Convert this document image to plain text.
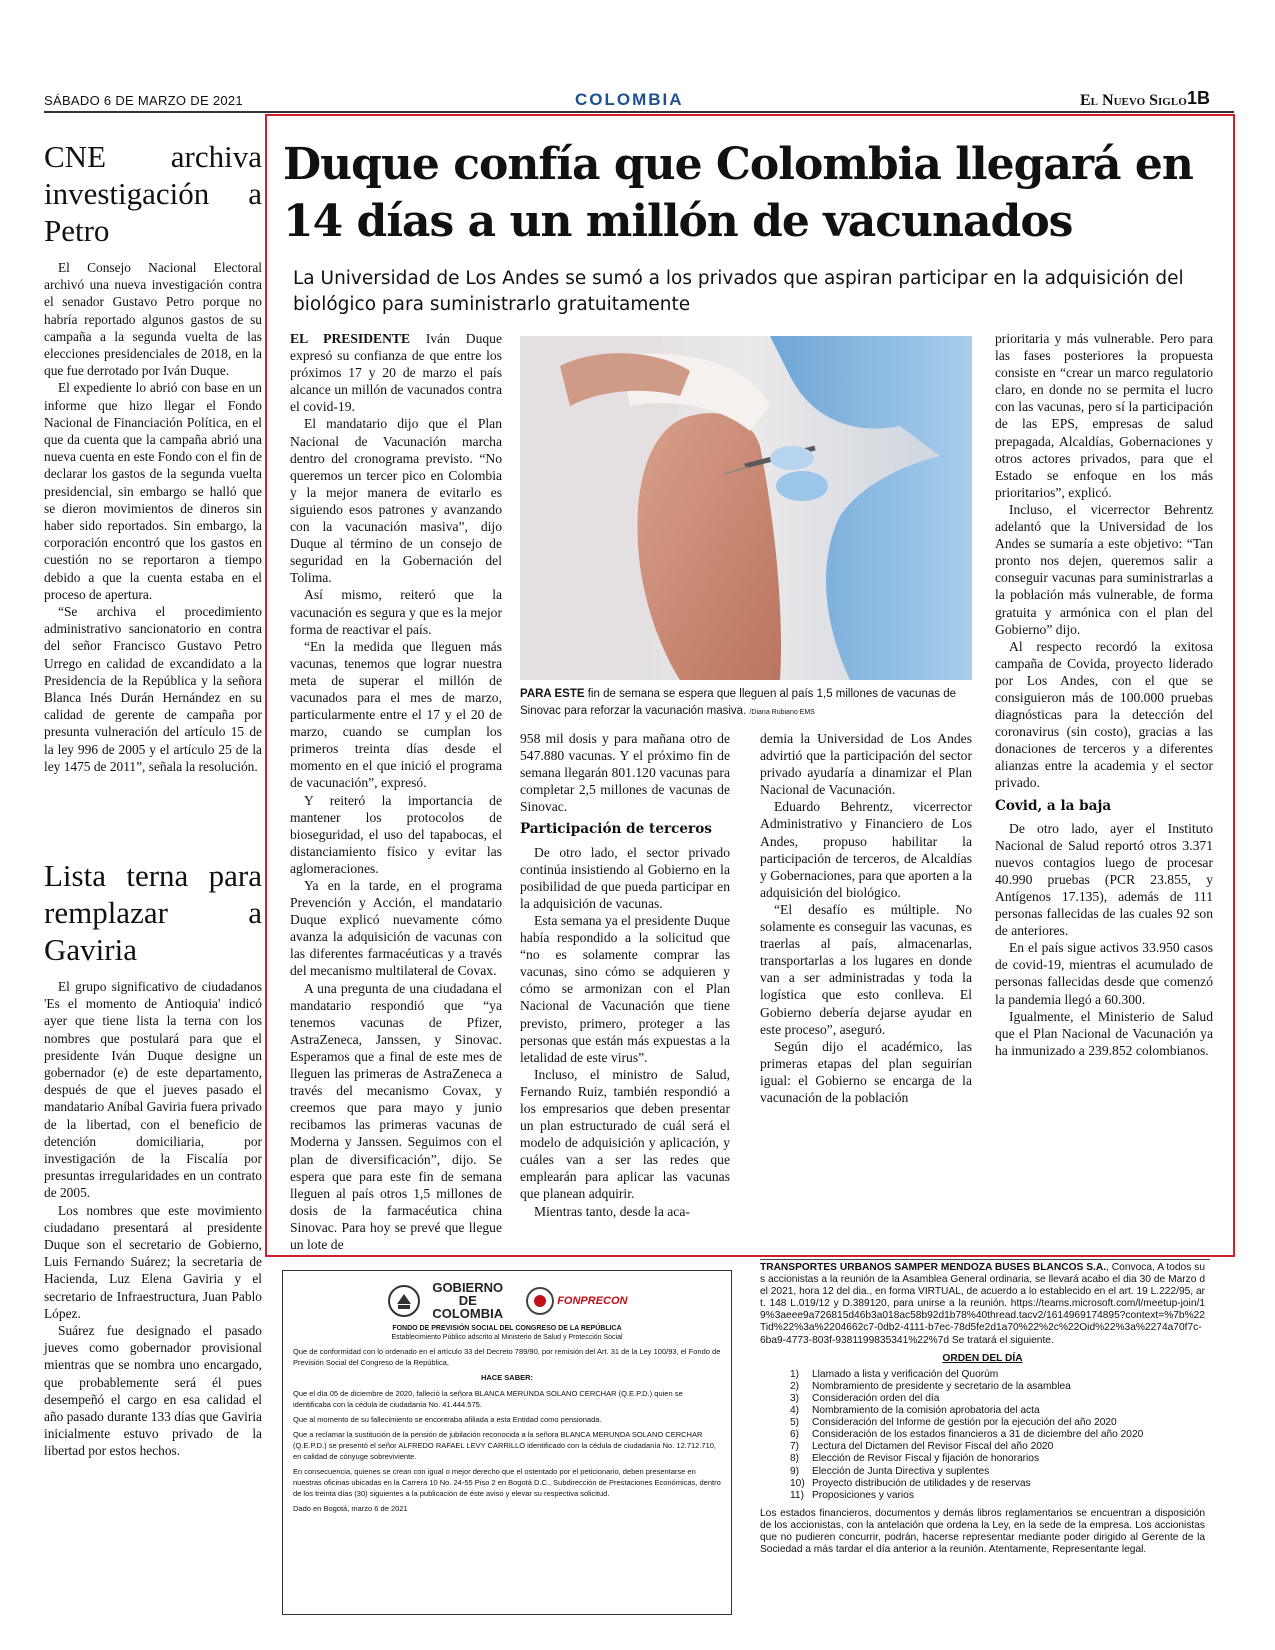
SÁBADO 6 DE MARZO DE 2021	COLOMBIA	El Nuevo Siglo 1B
CNE archiva investigación a Petro

El Consejo Nacional Electoral archivó una nueva investigación contra el senador Gustavo Petro porque no habría reportado algunos gastos de su campaña a la segunda vuelta de las elecciones presidenciales de 2018, en la que fue derrotado por Iván Duque.

El expediente lo abrió con base en un informe que hizo llegar el Fondo Nacional de Financiación Política, en el que da cuenta que la campaña abrió una nueva cuenta en este Fondo con el fin de declarar los gastos de la segunda vuelta presidencial, sin embargo se halló que se dieron movimientos de dineros sin haber sido reportados. Sin embargo, la corporación encontró que los gastos en cuestión no se reportaron a tiempo debido a que la cuenta estaba en el proceso de apertura.

“Se archiva el procedimiento administrativo sancionatorio en contra del señor Francisco Gustavo Petro Urrego en calidad de excandidato a la Presidencia de la República y la señora Blanca Inés Durán Hernández en su calidad de gerente de campaña por presunta vulneración del artículo 15 de la ley 996 de 2005 y el artículo 25 de la ley 1475 de 2011”, señala la resolución.

Lista terna para remplazar a Gaviria

El grupo significativo de ciudadanos 'Es el momento de Antioquia' indicó ayer que tiene lista la terna con los nombres que postulará para que el presidente Iván Duque designe un gobernador (e) de este departamento, después de que el jueves pasado el mandatario Aníbal Gaviria fuera privado de la libertad, con el beneficio de detención domiciliaria, por investigación de la Fiscalía por presuntas irregularidades en un contrato de 2005.

Los nombres que este movimiento ciudadano presentará al presidente Duque son el secretario de Gobierno, Luis Fernando Suárez; la secretaria de Hacienda, Luz Elena Gaviria y el secretario de Infraestructura, Juan Pablo López.

Suárez fue designado el pasado jueves como gobernador provisional mientras que se nombra uno encargado, que probablemente será él pues desempeñó el cargo en esa calidad el año pasado durante 133 días que Gaviria inicialmente estuvo privado de la libertad por estos hechos.

Duque confía que Colombia llegará en 14 días a un millón de vacunados
La Universidad de Los Andes se sumó a los privados que aspiran participar en la adquisición del biológico para suministrarlo gratuitamente

EL PRESIDENTE Iván Duque expresó su confianza de que entre los próximos 17 y 20 de marzo el país alcance un millón de vacunados contra el covid-19.

El mandatario dijo que el Plan Nacional de Vacunación marcha dentro del cronograma previsto. “No queremos un tercer pico en Colombia y la mejor manera de evitarlo es siguiendo esos patrones y avanzando con la vacunación masiva”, dijo Duque al término de un consejo de seguridad en la Gobernación del Tolima.

Así mismo, reiteró que la vacunación es segura y que es la mejor forma de reactivar el país.

“En la medida que lleguen más vacunas, tenemos que lograr nuestra meta de superar el millón de vacunados para el mes de marzo, particularmente entre el 17 y el 20 de marzo, cuando se cumplan los primeros treinta días desde el momento en el que inició el programa de vacunación”, expresó.

Y reiteró la importancia de mantener los protocolos de bioseguridad, el uso del tapabocas, el distanciamiento físico y evitar las aglomeraciones.

Ya en la tarde, en el programa Prevención y Acción, el mandatario Duque explicó nuevamente cómo avanza la adquisición de vacunas con las diferentes farmacéuticas y a través del mecanismo multilateral de Covax.

A una pregunta de una ciudadana el mandatario respondió que “ya tenemos vacunas de Pfizer, AstraZeneca, Janssen, y Sinovac. Esperamos que a final de este mes de lleguen las primeras de AstraZeneca a través del mecanismo Covax, y creemos que para mayo y junio recibamos las primeras vacunas de Moderna y Janssen. Seguimos con el plan de diversificación”, dijo. Se espera que para este fin de semana lleguen al país otros 1,5 millones de dosis de la farmacéutica china Sinovac. Para hoy se prevé que llegue un lote de

PARA ESTE fin de semana se espera que lleguen al país 1,5 millones de vacunas de Sinovac para reforzar la vacunación masiva. /Diana Rubiano EMS

958 mil dosis y para mañana otro de 547.880 vacunas. Y el próximo fin de semana llegarán 801.120 vacunas para completar 2,5 millones de vacunas de Sinovac.

Participación de terceros

De otro lado, el sector privado continúa insistiendo al Gobierno en la posibilidad de que pueda participar en la adquisición de vacunas.

Esta semana ya el presidente Duque había respondido a la solicitud que “no es solamente comprar las vacunas, sino cómo se adquieren y cómo se armonizan con el Plan Nacional de Vacunación que tiene previsto, primero, proteger a las personas que están más expuestas a la letalidad de este virus”.

Incluso, el ministro de Salud, Fernando Ruiz, también respondió a los empresarios que deben presentar un plan estructurado de cuál será el modelo de adquisición y aplicación, y cuáles van a ser las redes que emplearán para aplicar las vacunas que planean adquirir.

Mientras tanto, desde la aca-

demia la Universidad de Los Andes advirtió que la participación del sector privado ayudaría a dinamizar el Plan Nacional de Vacunación.

Eduardo Behrentz, vicerrector Administrativo y Financiero de Los Andes, propuso habilitar la participación de terceros, de Alcaldías y Gobernaciones, para que aporten a la adquisición del biológico.

“El desafío es múltiple. No solamente es conseguir las vacunas, es traerlas al país, almacenarlas, transportarlas a los lugares en donde van a ser administradas y toda la logística que esto conlleva. El Gobierno debería dejarse ayudar en este proceso”, aseguró.

Según dijo el académico, las primeras etapas del plan seguirían igual: el Gobierno se encarga de la vacunación de la población

prioritaria y más vulnerable. Pero para las fases posteriores la propuesta consiste en “crear un marco regulatorio claro, en donde no se permita el lucro con las vacunas, pero sí la participación de las EPS, empresas de salud prepagada, Alcaldías, Gobernaciones y otros actores privados, para que el Estado se enfoque en los más prioritarios”, explicó.

Incluso, el vicerrector Behrentz adelantó que la Universidad de los Andes se sumaría a este objetivo: “Tan pronto nos dejen, queremos salir a conseguir vacunas para suministrarlas a la población más vulnerable, de forma gratuita y armónica con el plan del Gobierno” dijo.

Al respecto recordó la exitosa campaña de Covida, proyecto liderado por Los Andes, con el que se consiguieron más de 100.000 pruebas diagnósticas para la detección del coronavirus (sin costo), gracias a las donaciones de terceros y a diferentes alianzas entre la academia y el sector privado.

Covid, a la baja

De otro lado, ayer el Instituto Nacional de Salud reportó otros 3.371 nuevos contagios luego de procesar 40.990 pruebas (PCR 23.855, y Antígenos 17.135), además de 111 personas fallecidas de las cuales 92 son de anteriores.

En el país sigue activos 33.950 casos de covid-19, mientras el acumulado de personas fallecidas desde que comenzó la pandemia llegó a 60.300.

Igualmente, el Ministerio de Salud que el Plan Nacional de Vacunación ya ha inmunizado a 239.852 colombianos.

TRANSPORTES URBANOS SAMPER MENDOZA BUSES BLANCOS S.A., Convoca, A todos sus accionistas a la reunión de la Asamblea General ordinaria, se llevará acabo el dia 30 de Marzo del 2021, hora 12 del dia., en forma VIRTUAL, de acuerdo a lo establecido en el art. 19 L.222/95, art. 148 L.019/12 y D.389120, para unirse a la reunión. https://teams.microsoft.com/l/meetup-join/19%3aeee9a726815d46b3a018ac58b92d1b78%40thread.tacv2/1614969174895?context=%7b%22Tid%22%3a%2204662c7-0db2-4111-b7ec-78d5fe2d1a70%22%2c%22Oid%22%3a%2274a70f7c-6ba9-4773-803f-9381199835341%22%7d Se tratará el siguiente.
ORDEN DEL DÍA
1) Llamado a lista y verificación del Quorúm
2) Nombramiento de presidente y secretario de la asamblea
3) Consideración orden del día
4) Nombramiento de la comisión aprobatoria del acta
5) Consideración del Informe de gestión por la ejecución del año 2020
6) Consideración de los estados financieros a 31 de diciembre del año 2020
7) Lectura del Dictamen del Revisor Fiscal del año 2020
8) Elección de Revisor Fiscal y fijación de honorarios
9) Elección de Junta Directiva y suplentes
10) Proyecto distribución de utilidades y de reservas
11) Proposiciones y varios
Los estados financieros, documentos y demás libros reglamentarios se encuentran a disposición de los accionistas, con la antelación que ordena la Ley, en la sede de la empresa. Los accionistas que no pudieren concurrir, podrán, hacerse representar mediante poder dirigido al Gerente de la Sociedad a más tardar el día anterior a la reunión. Atentamente, Representante legal.
GOBIERNO DE COLOMBIA  FONPRECON
FONDO DE PREVISIÓN SOCIAL DEL CONGRESO DE LA REPÚBLICA
Establecimiento Público adscrito al Ministerio de Salud y Protección Social
Que de conformidad con lo ordenado en el artículo 33 del Decreto 789/90, por remisión del Art. 31 de la Ley 100/93, el Fondo de Previsión Social del Congreso de la República,
HACE SABER:
Que el día 05 de diciembre de 2020, falleció la señora BLANCA MERUNDA SOLANO CERCHAR (Q.E.P.D.) quien se identificaba con la cédula de ciudadanía No. 41.444.575.
Que al momento de su fallecimiento se encontraba afiliada a esta Entidad como pensionada.
Que a reclamar la sustitución de la pensión de jubilación reconocida a la señora BLANCA MERUNDA SOLANO CERCHAR (Q.E.P.D.) se presentó el señor ALFREDO RAFAEL LEVY CARRILLO identificado con la cédula de ciudadanía No. 12.712.710, en calidad de cónyuge sobreviviente.
En consecuencia, quienes se crean con igual o mejor derecho que el ostentado por el peticionario, deben presentarse en nuestras oficinas ubicadas en la Carrera 10 No. 24-55 Piso 2 en Bogotá D.C., Subdirección de Prestaciones Económicas, dentro de los treinta días (30) siguientes a la publicación de éste aviso y elevar su respectiva solicitud.
Dado en Bogotá, marzo 6 de 2021
